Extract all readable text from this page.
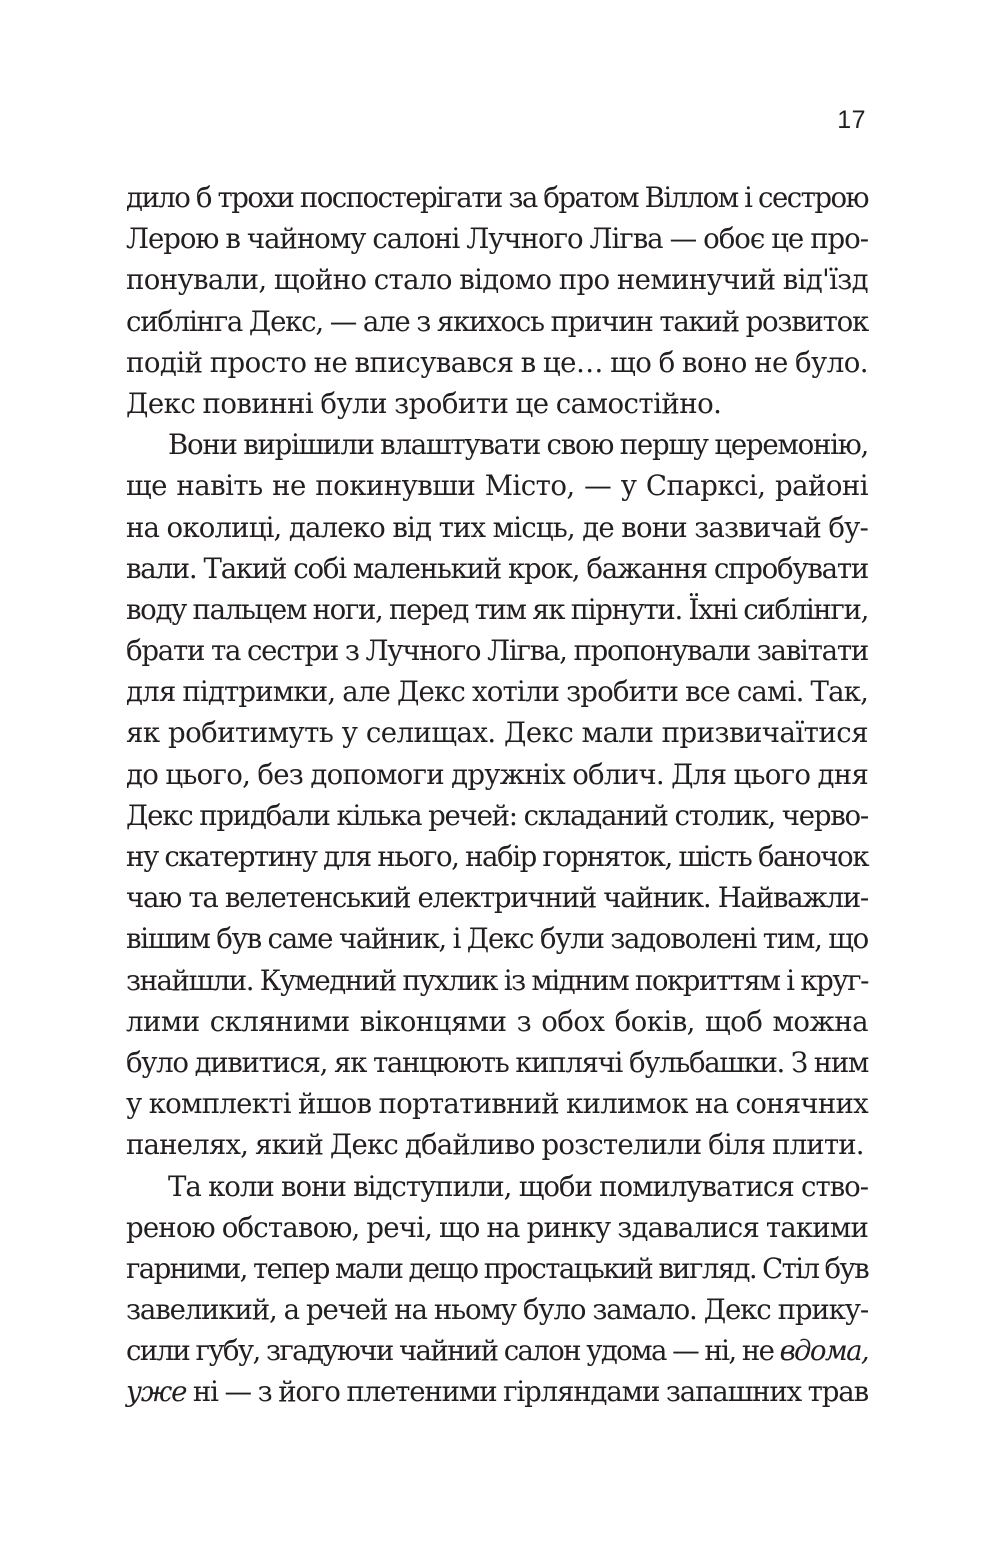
17
дило б трохи поспостерігати за братом Віллом і сестрою
Лерою в чайному салоні Лучного Лігва — обоє це про-
понували, щойно стало відомо про неминучий від'їзд
сиблінга Декс, — але з якихось причин такий розвиток
подій просто не вписувався в це… що б воно не було.
Декс повинні були зробити це самостійно.
Вони вирішили влаштувати свою першу церемонію,
ще навіть не покинувши Місто, — у Спарксі, районі
на околиці, далеко від тих місць, де вони зазвичай бу-
вали. Такий собі маленький крок, бажання спробувати
воду пальцем ноги, перед тим як пірнути. Їхні сиблінги,
брати та сестри з Лучного Лігва, пропонували завітати
для підтримки, але Декс хотіли зробити все самі. Так,
як робитимуть у селищах. Декс мали призвичаїтися
до цього, без допомоги дружніх облич. Для цього дня
Декс придбали кілька речей: складаний столик, черво-
ну скатертину для нього, набір горняток, шість баночок
чаю та велетенський електричний чайник. Найважли-
вішим був саме чайник, і Декс були задоволені тим, що
знайшли. Кумедний пухлик із мідним покриттям і круг-
лими скляними віконцями з обох боків, щоб можна
було дивитися, як танцюють киплячі бульбашки. З ним
у комплекті йшов портативний килимок на сонячних
панелях, який Декс дбайливо розстелили біля плити.
Та коли вони відступили, щоби помилуватися ство-
реною обставою, речі, що на ринку здавалися такими
гарними, тепер мали дещо простацький вигляд. Стіл був
завеликий, а речей на ньому було замало. Декс прику-
сили губу, згадуючи чайний салон удома — ні, не вдома,
уже ні — з його плетеними гірляндами запашних трав
